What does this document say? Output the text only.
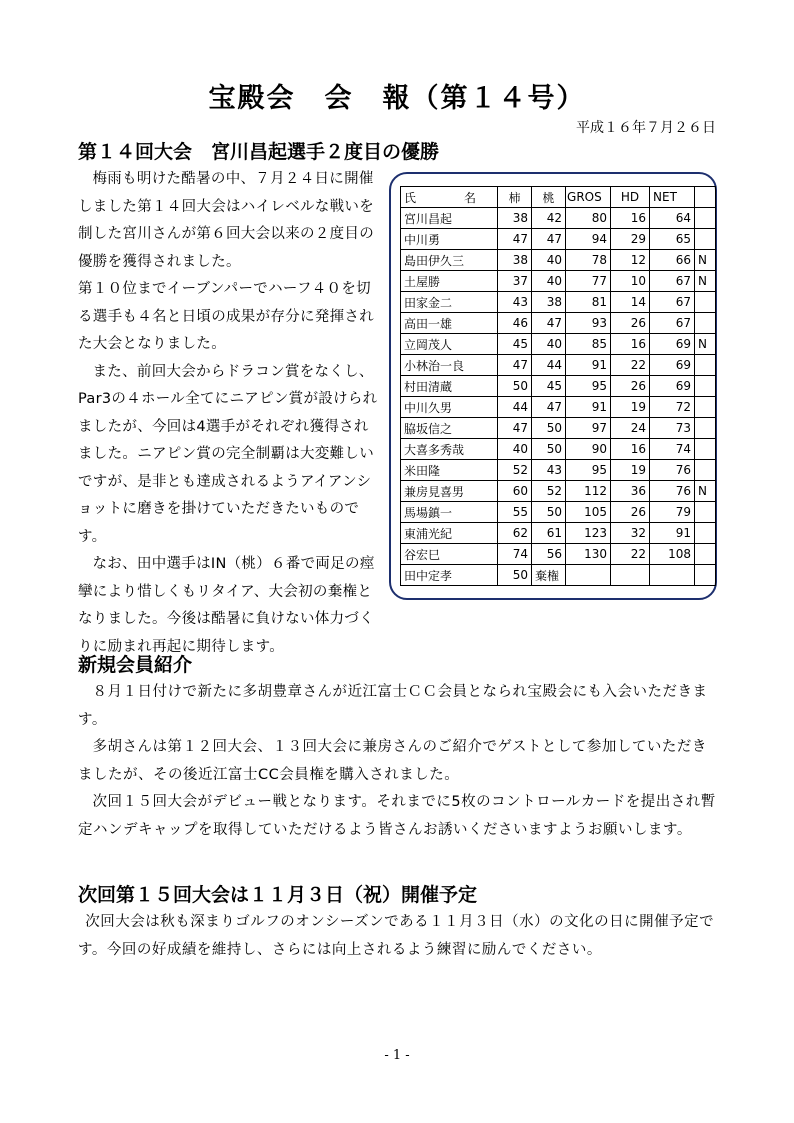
宝殿会　会　報（第１４号）
平成１６年７月２６日
第１４回大会　宮川昌起選手２度目の優勝

梅雨も明けた酷暑の中、７月２４日に開催しました第１４回大会はハイレベルな戦いを制した宮川さんが第６回大会以来の２度目の優勝を獲得されました。

第１０位までイーブンパーでハーフ４０を切る選手も４名と日頃の成果が存分に発揮された大会となりました。

また、前回大会からドラコン賞をなくし、Par3の４ホール全てにニアピン賞が設けられましたが、今回は4選手がそれぞれ獲得されました。ニアピン賞の完全制覇は大変難しいですが、是非とも達成されるようアイアンショットに磨きを掛けていただきたいものです。

なお、田中選手はIN（桃）６番で両足の痙攣により惜しくもリタイア、大会初の棄権となりました。今後は酷暑に負けない体力づくりに励まれ再起に期待します。

氏　名	柿	桃	GROS	HD	NET	
宮川昌起	38	42	80	16	64	
中川勇	47	47	94	29	65	
島田伊久三	38	40	78	12	66	N
土屋勝	37	40	77	10	67	N
田家金二	43	38	81	14	67	
高田一雄	46	47	93	26	67	
立岡茂人	45	40	85	16	69	N
小林治一良	47	44	91	22	69	
村田清蔵	50	45	95	26	69	
中川久男	44	47	91	19	72	
脇坂信之	47	50	97	24	73	
大喜多秀哉	40	50	90	16	74	
米田隆	52	43	95	19	76	
兼房見喜男	60	52	112	36	76	N
馬場鎮一	55	50	105	26	79	
東浦光紀	62	61	123	32	91	
谷宏巳	74	56	130	22	108	
田中定孝	50	棄権				
新規会員紹介

８月１日付けで新たに多胡豊章さんが近江富士ＣＣ会員となられ宝殿会にも入会いただきます。

多胡さんは第１２回大会、１３回大会に兼房さんのご紹介でゲストとして参加していただきましたが、その後近江富士CC会員権を購入されました。

次回１５回大会がデビュー戦となります。それまでに5枚のコントロールカードを提出され暫定ハンデキャップを取得していただけるよう皆さんお誘いくださいますようお願いします。

次回第１５回大会は１１月３日（祝）開催予定

次回大会は秋も深まりゴルフのオンシーズンである１１月３日（水）の文化の日に開催予定です。今回の好成績を維持し、さらには向上されるよう練習に励んでください。

- 1 -
